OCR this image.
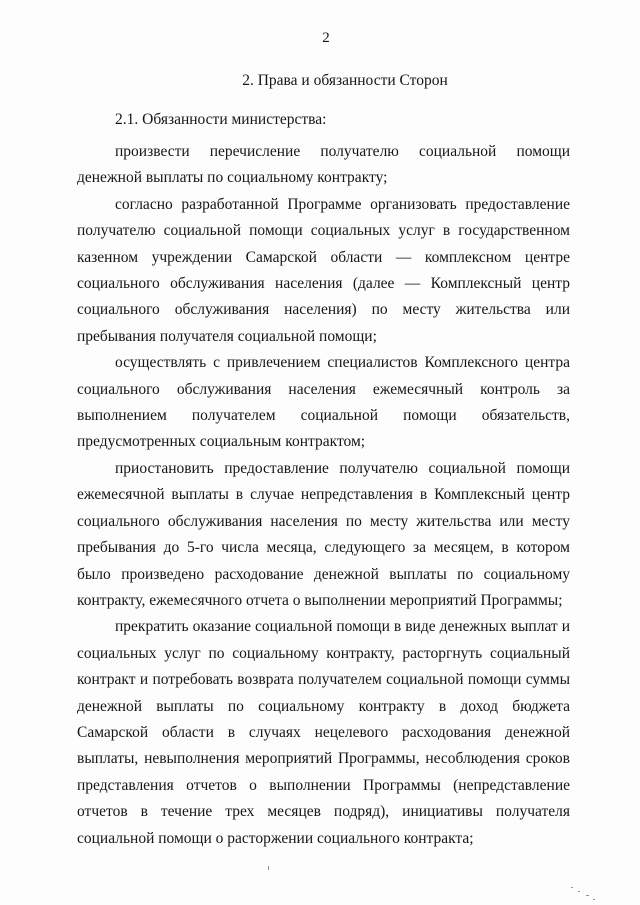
2
2. Права и обязанности Сторон
2.1. Обязанности министерства:

произвести перечисление получателю социальной помощи денежной выплаты по социальному контракту;

согласно разработанной Программе организовать предоставление получателю социальной помощи социальных услуг в государственном казенном учреждении Самарской области — комплексном центре социального обслуживания населения (далее — Комплексный центр социального обслуживания населения) по месту жительства или пребывания получателя социальной помощи;

осуществлять с привлечением специалистов Комплексного центра социального обслуживания населения ежемесячный контроль за выполнением получателем социальной помощи обязательств, предусмотренных социальным контрактом;

приостановить предоставление получателю социальной помощи ежемесячной выплаты в случае непредставления в Комплексный центр социального обслуживания населения по месту жительства или месту пребывания до 5-го числа месяца, следующего за месяцем, в котором было произведено расходование денежной выплаты по социальному контракту, ежемесячного отчета о выполнении мероприятий Программы;

прекратить оказание социальной помощи в виде денежных выплат и социальных услуг по социальному контракту, расторгнуть социальный контракт и потребовать возврата получателем социальной помощи суммы денежной выплаты по социальному контракту в доход бюджета Самарской области в случаях нецелевого расходования денежной выплаты, невыполнения мероприятий Программы, несоблюдения сроков представления отчетов о выполнении Программы (непредставление отчетов в течение трех месяцев подряд), инициативы получателя социальной помощи о расторжении социального контракта;
